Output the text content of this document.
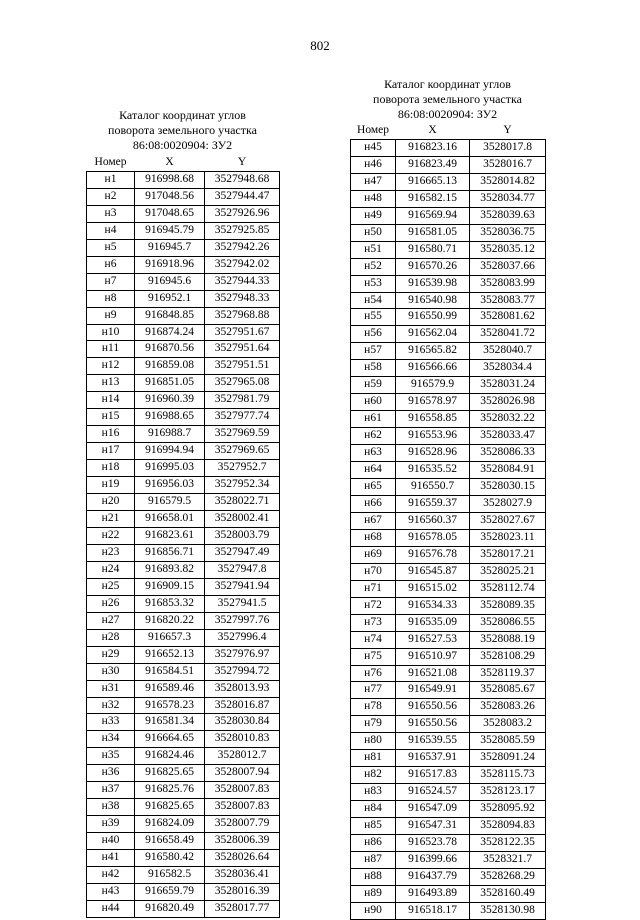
802
Каталог координат углов
поворота земельного участка
86:08:0020904: ЗУ2
Номер	X	Y
н1	916998.68	3527948.68
н2	917048.56	3527944.47
н3	917048.65	3527926.96
н4	916945.79	3527925.85
н5	916945.7	3527942.26
н6	916918.96	3527942.02
н7	916945.6	3527944.33
н8	916952.1	3527948.33
н9	916848.85	3527968.88
н10	916874.24	3527951.67
н11	916870.56	3527951.64
н12	916859.08	3527951.51
н13	916851.05	3527965.08
н14	916960.39	3527981.79
н15	916988.65	3527977.74
н16	916988.7	3527969.59
н17	916994.94	3527969.65
н18	916995.03	3527952.7
н19	916956.03	3527952.34
н20	916579.5	3528022.71
н21	916658.01	3528002.41
н22	916823.61	3528003.79
н23	916856.71	3527947.49
н24	916893.82	3527947.8
н25	916909.15	3527941.94
н26	916853.32	3527941.5
н27	916820.22	3527997.76
н28	916657.3	3527996.4
н29	916652.13	3527976.97
н30	916584.51	3527994.72
н31	916589.46	3528013.93
н32	916578.23	3528016.87
н33	916581.34	3528030.84
н34	916664.65	3528010.83
н35	916824.46	3528012.7
н36	916825.65	3528007.94
н37	916825.76	3528007.83
н38	916825.65	3528007.83
н39	916824.09	3528007.79
н40	916658.49	3528006.39
н41	916580.42	3528026.64
н42	916582.5	3528036.41
н43	916659.79	3528016.39
н44	916820.49	3528017.77
Каталог координат углов
поворота земельного участка
86:08:0020904: ЗУ2
Номер	X	Y
н45	916823.16	3528017.8
н46	916823.49	3528016.7
н47	916665.13	3528014.82
н48	916582.15	3528034.77
н49	916569.94	3528039.63
н50	916581.05	3528036.75
н51	916580.71	3528035.12
н52	916570.26	3528037.66
н53	916539.98	3528083.99
н54	916540.98	3528083.77
н55	916550.99	3528081.62
н56	916562.04	3528041.72
н57	916565.82	3528040.7
н58	916566.66	3528034.4
н59	916579.9	3528031.24
н60	916578.97	3528026.98
н61	916558.85	3528032.22
н62	916553.96	3528033.47
н63	916528.96	3528086.33
н64	916535.52	3528084.91
н65	916550.7	3528030.15
н66	916559.37	3528027.9
н67	916560.37	3528027.67
н68	916578.05	3528023.11
н69	916576.78	3528017.21
н70	916545.87	3528025.21
н71	916515.02	3528112.74
н72	916534.33	3528089.35
н73	916535.09	3528086.55
н74	916527.53	3528088.19
н75	916510.97	3528108.29
н76	916521.08	3528119.37
н77	916549.91	3528085.67
н78	916550.56	3528083.26
н79	916550.56	3528083.2
н80	916539.55	3528085.59
н81	916537.91	3528091.24
н82	916517.83	3528115.73
н83	916524.57	3528123.17
н84	916547.09	3528095.92
н85	916547.31	3528094.83
н86	916523.78	3528122.35
н87	916399.66	3528321.7
н88	916437.79	3528268.29
н89	916493.89	3528160.49
н90	916518.17	3528130.98
